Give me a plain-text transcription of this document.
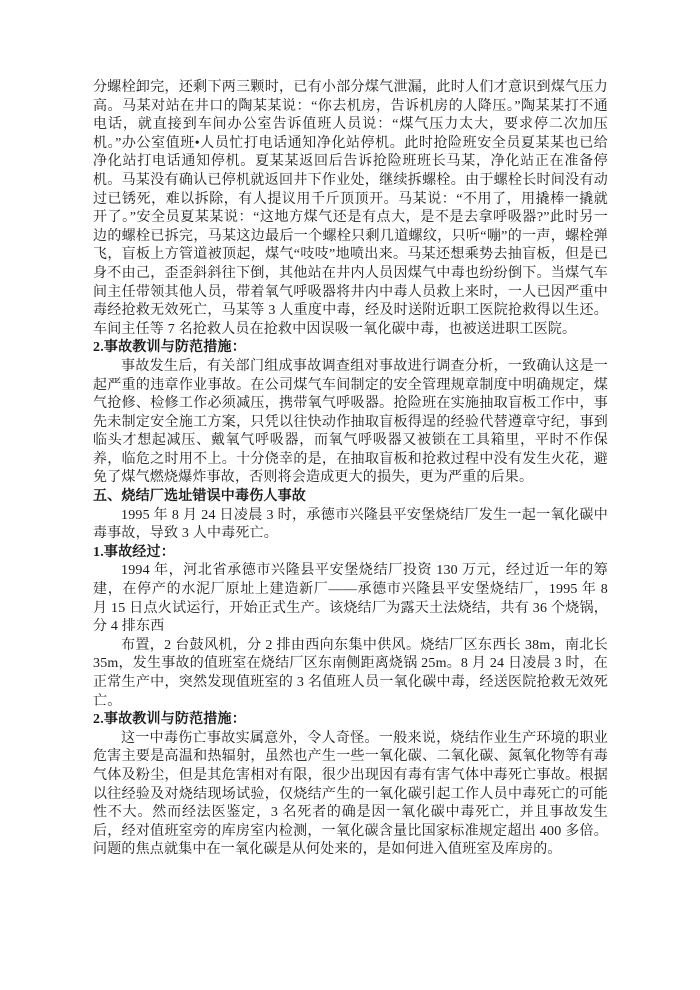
分螺栓卸完，还剩下两三颗时，已有小部分煤气泄漏，此时人们才意识到煤气压力高。马某对站在井口的陶某某说：“你去机房，告诉机房的人降压。”陶某某打不通电话，就直接到车间办公室告诉值班人员说：“煤气压力太大，要求停二次加压机。”办公室值班•人员忙打电话通知净化站停机。此时抢险班安全员夏某某也已给净化站打电话通知停机。夏某某返回后告诉抢险班班长马某，净化站正在准备停机。马某没有确认已停机就返回井下作业处，继续拆螺栓。由于螺栓长时间没有动过已锈死，难以拆除，有人提议用千斤顶顶开。马某说：“不用了，用撬棒一撬就开了。”安全员夏某某说：“这地方煤气还是有点大，是不是去拿呼吸器?”此时另一边的螺栓已拆完，马某这边最后一个螺栓只剩几道螺纹，只听“嘣”的一声，螺栓弹飞，盲板上方管道被顶起，煤气“吱吱”地喷出来。马某还想乘势去抽盲板，但是已身不由己，歪歪斜斜往下倒，其他站在井内人员因煤气中毒也纷纷倒下。当煤气车间主任带领其他人员，带着氧气呼吸器将井内中毒人员救上来时，一人已因严重中毒经抢救无效死亡，马某等 3 人重度中毒，经及时送附近职工医院抢救得以生还。车间主任等 7 名抢救人员在抢救中因误吸一氧化碳中毒，也被送进职工医院。

2.事故教训与防范措施：

事故发生后，有关部门组成事故调查组对事故进行调查分析，一致确认这是一起严重的违章作业事故。在公司煤气车间制定的安全管理规章制度中明确规定，煤气抢修、检修工作必须减压，携带氧气呼吸器。抢险班在实施抽取盲板工作中，事先未制定安全施工方案，只凭以往快动作抽取盲板得逞的经验代替遵章守纪，事到临头才想起减压、戴氧气呼吸器，而氧气呼吸器又被锁在工具箱里，平时不作保养，临危之时用不上。十分侥幸的是，在抽取盲板和抢救过程中没有发生火花，避免了煤气燃烧爆炸事故，否则将会造成更大的损失，更为严重的后果。

五、烧结厂选址错误中毒伤人事故

1995 年 8 月 24 日凌晨 3 时，承德市兴隆县平安堡烧结厂发生一起一氧化碳中毒事故，导致 3 人中毒死亡。

1.事故经过：

1994 年，河北省承德市兴隆县平安堡烧结厂投资 130 万元，经过近一年的筹建，在停产的水泥厂原址上建造新厂——承德市兴隆县平安堡烧结厂，1995 年 8 月 15 日点火试运行，开始正式生产。该烧结厂为露天土法烧结，共有 36 个烧锅，分 4 排东西

布置，2 台鼓风机，分 2 排由西向东集中供风。烧结厂区东西长 38m，南北长 35m，发生事故的值班室在烧结厂区东南侧距离烧锅 25m。8 月 24 日凌晨 3 时，在正常生产中，突然发现值班室的 3 名值班人员一氧化碳中毒，经送医院抢救无效死亡。

2.事故教训与防范措施：

这一中毒伤亡事故实属意外，令人奇怪。一般来说，烧结作业生产环境的职业危害主要是高温和热辐射，虽然也产生一些一氧化碳、二氧化碳、氮氧化物等有毒气体及粉尘，但是其危害相对有限，很少出现因有毒有害气体中毒死亡事故。根据以往经验及对烧结现场试验，仅烧结产生的一氧化碳引起工作人员中毒死亡的可能性不大。然而经法医鉴定，3 名死者的确是因一氧化碳中毒死亡，并且事故发生后，经对值班室旁的库房室内检测，一氧化碳含量比国家标准规定超出 400 多倍。问题的焦点就集中在一氧化碳是从何处来的，是如何进入值班室及库房的。
